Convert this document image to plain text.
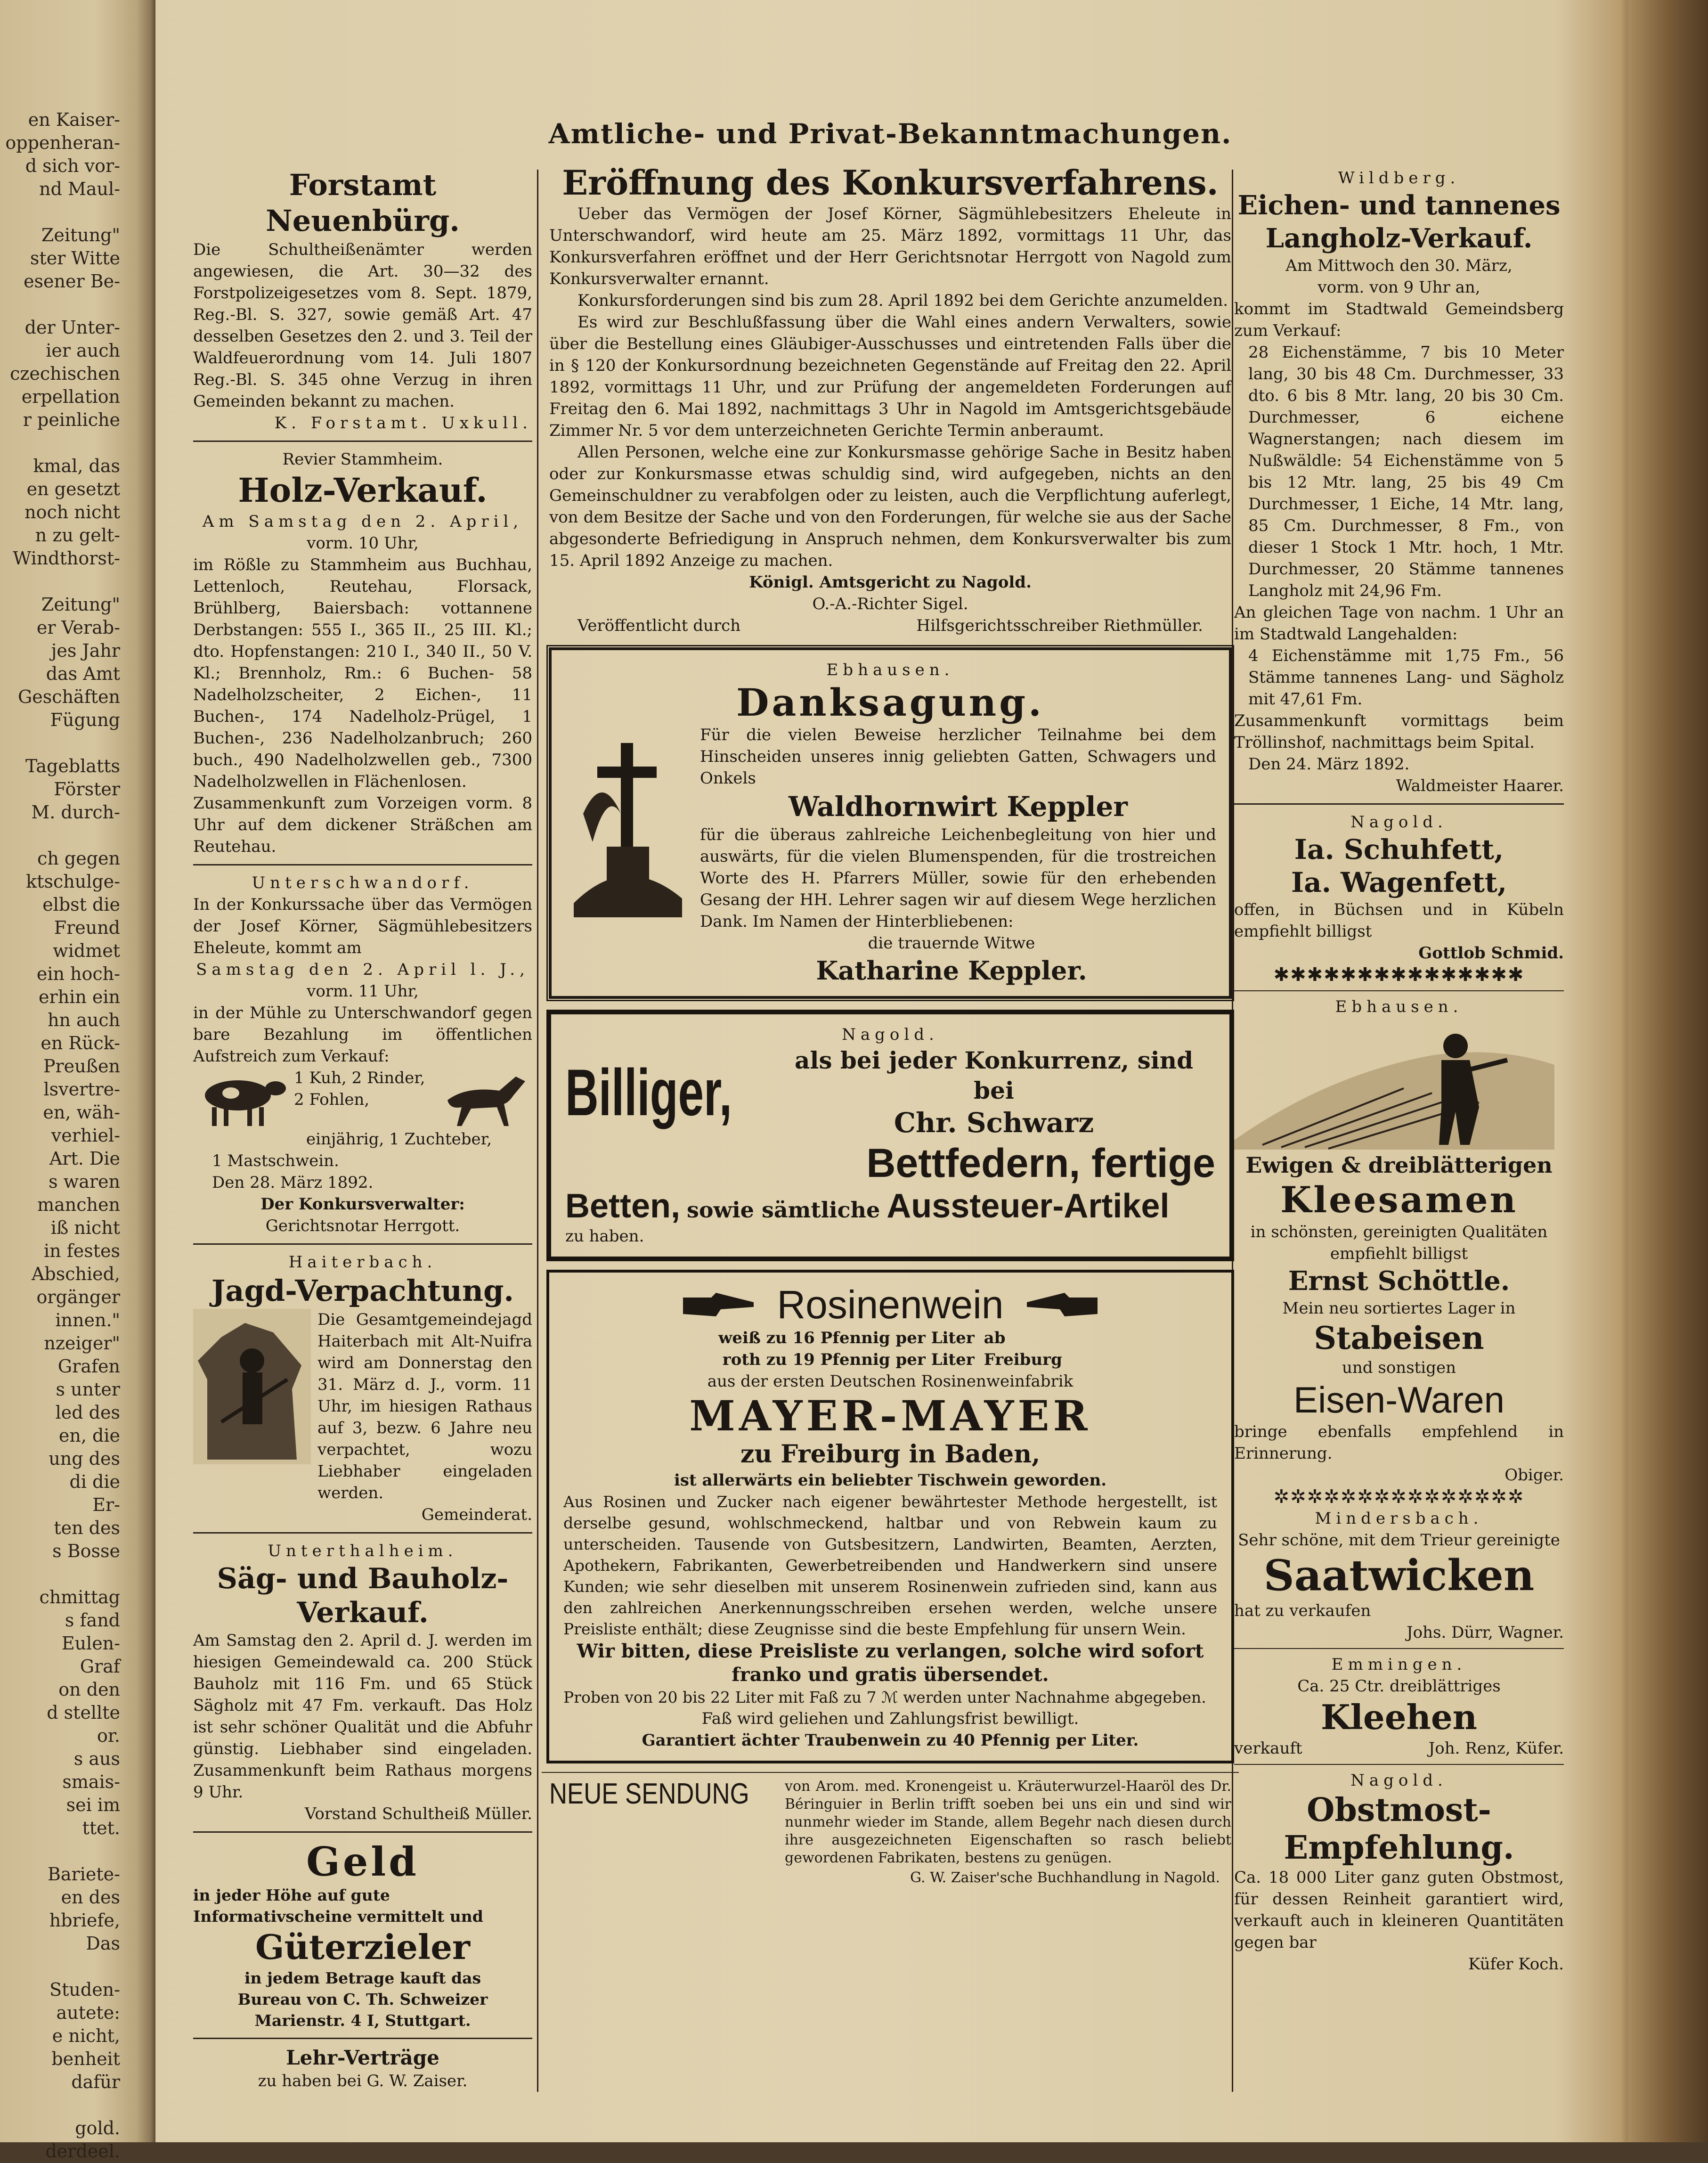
en Kaiser-
oppenheran-
d sich vor-
nd Maul-

Zeitung"
ster Witte
esener Be-

der Unter-
ier auch
czechischen
erpellation
r peinliche

kmal, das
en gesetzt
noch nicht
n zu gelt-
Windthorst-

Zeitung"
er Verab-
jes Jahr
das Amt
Geschäften
Fügung

Tageblatts
Förster
M. durch-

ch gegen
ktschulge-
elbst die
Freund
widmet
ein hoch-
erhin ein
hn auch
en Rück-
Preußen
lsvertre-
en, wäh-
verhiel-
Art. Die
s waren
manchen
iß nicht
in festes
Abschied,
orgänger
innen."
nzeiger"
Grafen
s unter
led des
en, die
ung des
di die
Er-
ten des
s Bosse

chmittag
s fand
Eulen-
Graf
on den
d stellte
or.
s aus
smais-
sei im
ttet.

Bariete-
en des
hbriefe,
Das

Studen-
autete:
e nicht,
benheit
dafür

gold.
derdeel.
Amtliche- und Privat-Bekanntmachungen.
Forstamt Neuenbürg.
Die Schultheißenämter werden angewiesen, die Art. 30—32 des Forstpolizeigesetzes vom 8. Sept. 1879, Reg.-Bl. S. 327, sowie gemäß Art. 47 desselben Gesetzes den 2. und 3. Teil der Waldfeuerordnung vom 14. Juli 1807 Reg.-Bl. S. 345 ohne Verzug in ihren Gemeinden bekannt zu machen.
K. Forstamt. Uxkull.
Revier Stammheim.
Holz-Verkauf.
Am Samstag den 2. April,
vorm. 10 Uhr,
im Rößle zu Stammheim aus Buchhau, Lettenloch, Reutehau, Florsack, Brühlberg, Baiersbach: vottannene Derbstangen: 555 I., 365 II., 25 III. Kl.; dto. Hopfenstangen: 210 I., 340 II., 50 V. Kl.; Brennholz, Rm.: 6 Buchen- 58 Nadelholzscheiter, 2 Eichen-, 11 Buchen-, 174 Nadelholz-Prügel, 1 Buchen-, 236 Nadelholzanbruch; 260 buch., 490 Nadelholzwellen geb., 7300 Nadelholzwellen in Flächenlosen.
Zusammenkunft zum Vorzeigen vorm. 8 Uhr auf dem dickener Sträßchen am Reutehau.
Unterschwandorf.
In der Konkurssache über das Vermögen der Josef Körner, Sägmühlebesitzers Eheleute, kommt am
Samstag den 2. April l. J.,
vorm. 11 Uhr,
in der Mühle zu Unterschwandorf gegen bare Bezahlung im öffentlichen Aufstreich zum Verkauf:
1 Kuh, 2 Rinder,
2 Fohlen,
einjährig, 1 Zuchteber,
1 Mastschwein.
Den 28. März 1892.
Der Konkursverwalter:
Gerichtsnotar Herrgott.
Haiterbach.
Jagd-Verpachtung.
Die Gesamtgemeindejagd Haiterbach mit Alt-Nuifra wird am Donnerstag den 31. März d. J., vorm. 11 Uhr, im hiesigen Rathaus auf 3, bezw. 6 Jahre neu verpachtet, wozu Liebhaber eingeladen werden.
Gemeinderat.
Unterthalheim.
Säg- und Bauholz-
Verkauf.
Am Samstag den 2. April d. J. werden im hiesigen Gemeindewald ca. 200 Stück Bauholz mit 116 Fm. und 65 Stück Sägholz mit 47 Fm. verkauft. Das Holz ist sehr schöner Qualität und die Abfuhr günstig. Liebhaber sind eingeladen. Zusammenkunft beim Rathaus morgens 9 Uhr.
Vorstand Schultheiß Müller.
Geld
in jeder Höhe auf gute Informativscheine vermittelt und
Güterzieler
in jedem Betrage kauft das
Bureau von C. Th. Schweizer
Marienstr. 4 I, Stuttgart.
Lehr-Verträge
zu haben bei G. W. Zaiser.
Eröffnung des Konkursverfahrens.
Ueber das Vermögen der Josef Körner, Sägmühlebesitzers Eheleute in Unterschwandorf, wird heute am 25. März 1892, vormittags 11 Uhr, das Konkursverfahren eröffnet und der Herr Gerichtsnotar Herrgott von Nagold zum Konkursverwalter ernannt.
Konkursforderungen sind bis zum 28. April 1892 bei dem Gerichte anzumelden.
Es wird zur Beschlußfassung über die Wahl eines andern Verwalters, sowie über die Bestellung eines Gläubiger-Ausschusses und eintretenden Falls über die in § 120 der Konkursordnung bezeichneten Gegenstände auf Freitag den 22. April 1892, vormittags 11 Uhr, und zur Prüfung der angemeldeten Forderungen auf Freitag den 6. Mai 1892, nachmittags 3 Uhr in Nagold im Amtsgerichtsgebäude Zimmer Nr. 5 vor dem unterzeichneten Gerichte Termin anberaumt.
Allen Personen, welche eine zur Konkursmasse gehörige Sache in Besitz haben oder zur Konkursmasse etwas schuldig sind, wird aufgegeben, nichts an den Gemeinschuldner zu verabfolgen oder zu leisten, auch die Verpflichtung auferlegt, von dem Besitze der Sache und von den Forderungen, für welche sie aus der Sache abgesonderte Befriedigung in Anspruch nehmen, dem Konkursverwalter bis zum 15. April 1892 Anzeige zu machen.
Königl. Amtsgericht zu Nagold.
O.-A.-Richter Sigel.
Veröffentlicht durch	Hilfsgerichtsschreiber Riethmüller.
Ebhausen.
Danksagung.
Für die vielen Beweise herzlicher Teilnahme bei dem Hinscheiden unseres innig geliebten Gatten, Schwagers und Onkels
Waldhornwirt Keppler
für die überaus zahlreiche Leichenbegleitung von hier und auswärts, für die vielen Blumenspenden, für die trostreichen Worte des H. Pfarrers Müller, sowie für den erhebenden Gesang der HH. Lehrer sagen wir auf diesem Wege herzlichen Dank. Im Namen der Hinterbliebenen:
die trauernde Witwe
Katharine Keppler.
Nagold.
Billiger,	als bei jeder Konkurrenz, sind bei
Chr. Schwarz
Bettfedern, fertige
Betten, sowie sämtliche Aussteuer-Artikel
zu haben.
Rosinenwein
weiß zu 16 Pfennig per Liter
roth zu 19 Pfennig per Liter
ab
Freiburg
aus der ersten Deutschen Rosinenweinfabrik
MAYER-MAYER
zu Freiburg in Baden,
ist allerwärts ein beliebter Tischwein geworden.
Aus Rosinen und Zucker nach eigener bewährtester Methode hergestellt, ist derselbe gesund, wohlschmeckend, haltbar und von Rebwein kaum zu unterscheiden. Tausende von Gutsbesitzern, Landwirten, Beamten, Aerzten, Apothekern, Fabrikanten, Gewerbetreibenden und Handwerkern sind unsere Kunden; wie sehr dieselben mit unserem Rosinenwein zufrieden sind, kann aus den zahlreichen Anerkennungsschreiben ersehen werden, welche unsere Preisliste enthält; diese Zeugnisse sind die beste Empfehlung für unsern Wein.
Wir bitten, diese Preisliste zu verlangen, solche wird sofort franko und gratis übersendet.
Proben von 20 bis 22 Liter mit Faß zu 7 ℳ werden unter Nachnahme abgegeben.
Faß wird geliehen und Zahlungsfrist bewilligt.
Garantiert ächter Traubenwein zu 40 Pfennig per Liter.
NEUE SENDUNG	von Arom. med. Kronengeist u. Kräuterwurzel-Haaröl des Dr. Béringuier in Berlin trifft soeben bei uns ein und sind wir nunmehr wieder im Stande, allem Begehr nach diesen durch ihre ausgezeichneten Eigenschaften so rasch beliebt gewordenen Fabrikaten, bestens zu genügen.
G. W. Zaiser'sche Buchhandlung in Nagold.
Wildberg.
Eichen- und tannenes
Langholz-Verkauf.
Am Mittwoch den 30. März,
vorm. von 9 Uhr an,
kommt im Stadtwald Gemeindsberg zum Verkauf:
28 Eichenstämme, 7 bis 10 Meter lang, 30 bis 48 Cm. Durchmesser, 33 dto. 6 bis 8 Mtr. lang, 20 bis 30 Cm. Durchmesser, 6 eichene Wagnerstangen; nach diesem im Nußwäldle: 54 Eichenstämme von 5 bis 12 Mtr. lang, 25 bis 49 Cm Durchmesser, 1 Eiche, 14 Mtr. lang, 85 Cm. Durchmesser, 8 Fm., von dieser 1 Stock 1 Mtr. hoch, 1 Mtr. Durchmesser, 20 Stämme tannenes Langholz mit 24,96 Fm.
An gleichen Tage von nachm. 1 Uhr an im Stadtwald Langehalden:
4 Eichenstämme mit 1,75 Fm., 56 Stämme tannenes Lang- und Sägholz mit 47,61 Fm.
Zusammenkunft vormittags beim Tröllinshof, nachmittags beim Spital.
Den 24. März 1892.
Waldmeister Haarer.
Nagold.
Ia. Schuhfett,
Ia. Wagenfett,
offen, in Büchsen und in Kübeln empfiehlt billigst
Gottlob Schmid.
✱✱✱✱✱✱✱✱✱✱✱✱✱✱✱
Ebhausen.
Ewigen & dreiblätterigen
Kleesamen
in schönsten, gereinigten Qualitäten empfiehlt billigst
Ernst Schöttle.
Mein neu sortiertes Lager in
Stabeisen
und sonstigen
Eisen-Waren
bringe ebenfalls empfehlend in Erinnerung.
Obiger.
✲✲✲✲✲✲✲✲✲✲✲✲✲✲✲
Mindersbach.
Sehr schöne, mit dem Trieur gereinigte
Saatwicken
hat zu verkaufen
Johs. Dürr, Wagner.
Emmingen.
Ca. 25 Ctr. dreiblättriges
Kleehen
verkauft	Joh. Renz, Küfer.
Nagold.
Obstmost-
Empfehlung.
Ca. 18 000 Liter ganz guten Obstmost, für dessen Reinheit garantiert wird, verkauft auch in kleineren Quantitäten gegen bar
Küfer Koch.
